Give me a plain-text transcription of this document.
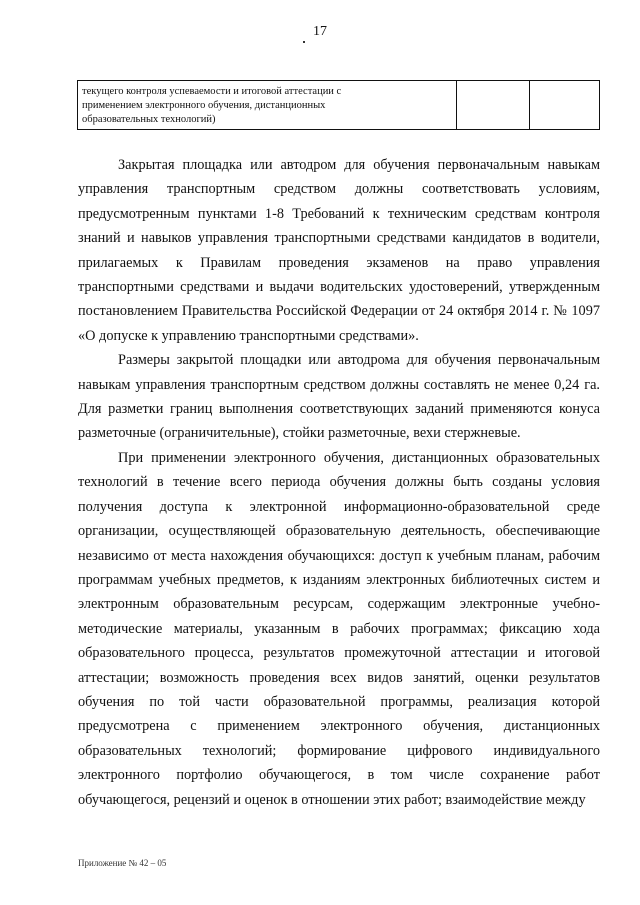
17
текущего контроля успеваемости и итоговой аттестации с
применением электронного обучения, дистанционных
образовательных технологий)

Закрытая площадка или автодром для обучения первоначальным навыкам управления транспортным средством должны соответствовать условиям, предусмотренным пунктами 1-8 Требований к техническим средствам контроля знаний и навыков управления транспортными средствами кандидатов в водители, прилагаемых к Правилам проведения экзаменов на право управления транспортными средствами и выдачи водительских удостоверений, утвержденным постановлением Правительства Российской Федерации от 24 октября 2014 г. № 1097 «О допуске к управлению транспортными средствами».

Размеры закрытой площадки или автодрома для обучения первоначальным навыкам управления транспортным средством должны составлять не менее 0,24 га. Для разметки границ выполнения соответствующих заданий применяются конуса разметочные (ограничительные), стойки разметочные, вехи стержневые.

При применении электронного обучения, дистанционных образовательных технологий в течение всего периода обучения должны быть созданы условия получения доступа к электронной информационно-образовательной среде организации, осуществляющей образовательную деятельность, обеспечивающие независимо от места нахождения обучающихся: доступ к учебным планам, рабочим программам учебных предметов, к изданиям электронных библиотечных систем и электронным образовательным ресурсам, содержащим электронные учебно-методические материалы, указанным в рабочих программах; фиксацию хода образовательного процесса, результатов промежуточной аттестации и итоговой аттестации; возможность проведения всех видов занятий, оценки результатов обучения по той части образовательной программы, реализация которой предусмотрена с применением электронного обучения, дистанционных образовательных технологий; формирование цифрового индивидуального электронного портфолио обучающегося, в том числе сохранение работ обучающегося, рецензий и оценок в отношении этих работ; взаимодействие между

Приложение № 42 – 05
